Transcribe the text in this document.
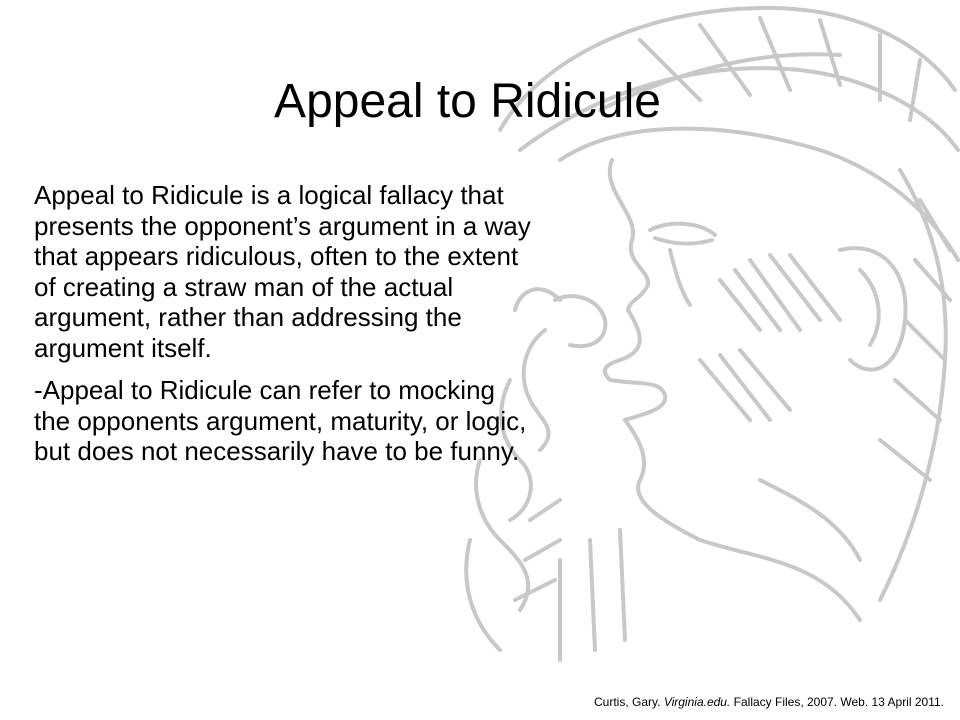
Appeal to Ridicule

Appeal to Ridicule is a logical fallacy that presents the opponent’s argument in a way that appears ridiculous, often to the extent of creating a straw man of the actual argument, rather than addressing the argument itself.

-Appeal to Ridicule can refer to mocking the opponents argument, maturity, or logic, but does not necessarily have to be funny.

Curtis, Gary. Virginia.edu. Fallacy Files, 2007. Web. 13 April 2011.
